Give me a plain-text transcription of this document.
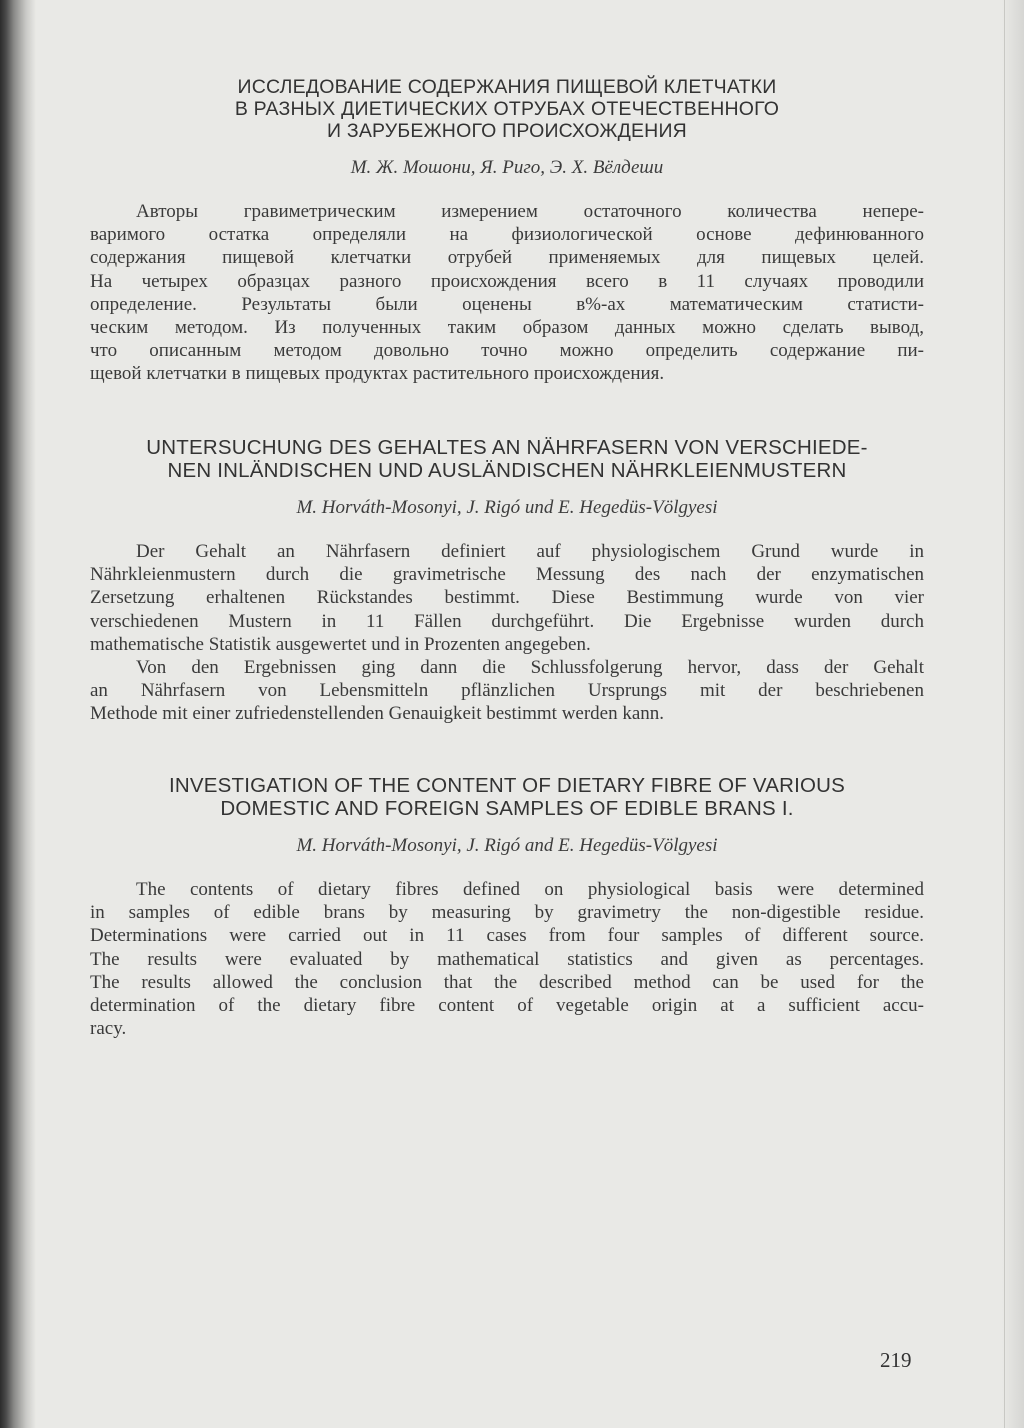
ИССЛЕДОВАНИЕ СОДЕРЖАНИЯ ПИЩЕВОЙ КЛЕТЧАТКИ
В РАЗНЫХ ДИЕТИЧЕСКИХ ОТРУБАХ ОТЕЧЕСТВЕННОГО
И ЗАРУБЕЖНОГО ПРОИСХОЖДЕНИЯ
М. Ж. Мошони, Я. Риго, Э. Х. Вёлдеши
Авторы гравиметрическим измерением остаточного количества непере-
варимого остатка определяли на физиологической основе дефинюванного
содержания пищевой клетчатки отрубей применяемых для пищевых целей.
На четырех образцах разного происхождения всего в 11 случаях проводили
определение. Результаты были оценены в%-ах математическим статисти-
ческим методом. Из полученных таким образом данных можно сделать вывод,
что описанным методом довольно точно можно определить содержание пи-
щевой клетчатки в пищевых продуктах растительного происхождения.
UNTERSUCHUNG DES GEHALTES AN NÄHRFASERN VON VERSCHIEDE-
NEN INLÄNDISCHEN UND AUSLÄNDISCHEN NÄHRKLEIENMUSTERN
M. Horváth-Mosonyi, J. Rigó und E. Hegedüs-Völgyesi
Der Gehalt an Nährfasern definiert auf physiologischem Grund wurde in
Nährkleienmustern durch die gravimetrische Messung des nach der enzymatischen
Zersetzung erhaltenen Rückstandes bestimmt. Diese Bestimmung wurde von vier
verschiedenen Mustern in 11 Fällen durchgeführt. Die Ergebnisse wurden durch
mathematische Statistik ausgewertet und in Prozenten angegeben.
Von den Ergebnissen ging dann die Schlussfolgerung hervor, dass der Gehalt
an Nährfasern von Lebensmitteln pflänzlichen Ursprungs mit der beschriebenen
Methode mit einer zufriedenstellenden Genauigkeit bestimmt werden kann.
INVESTIGATION OF THE CONTENT OF DIETARY FIBRE OF VARIOUS
DOMESTIC AND FOREIGN SAMPLES OF EDIBLE BRANS I.
M. Horváth-Mosonyi, J. Rigó and E. Hegedüs-Völgyesi
The contents of dietary fibres defined on physiological basis were determined
in samples of edible brans by measuring by gravimetry the non-digestible residue.
Determinations were carried out in 11 cases from four samples of different source.
The results were evaluated by mathematical statistics and given as percentages.
The results allowed the conclusion that the described method can be used for the
determination of the dietary fibre content of vegetable origin at a sufficient accu-
racy.
219
